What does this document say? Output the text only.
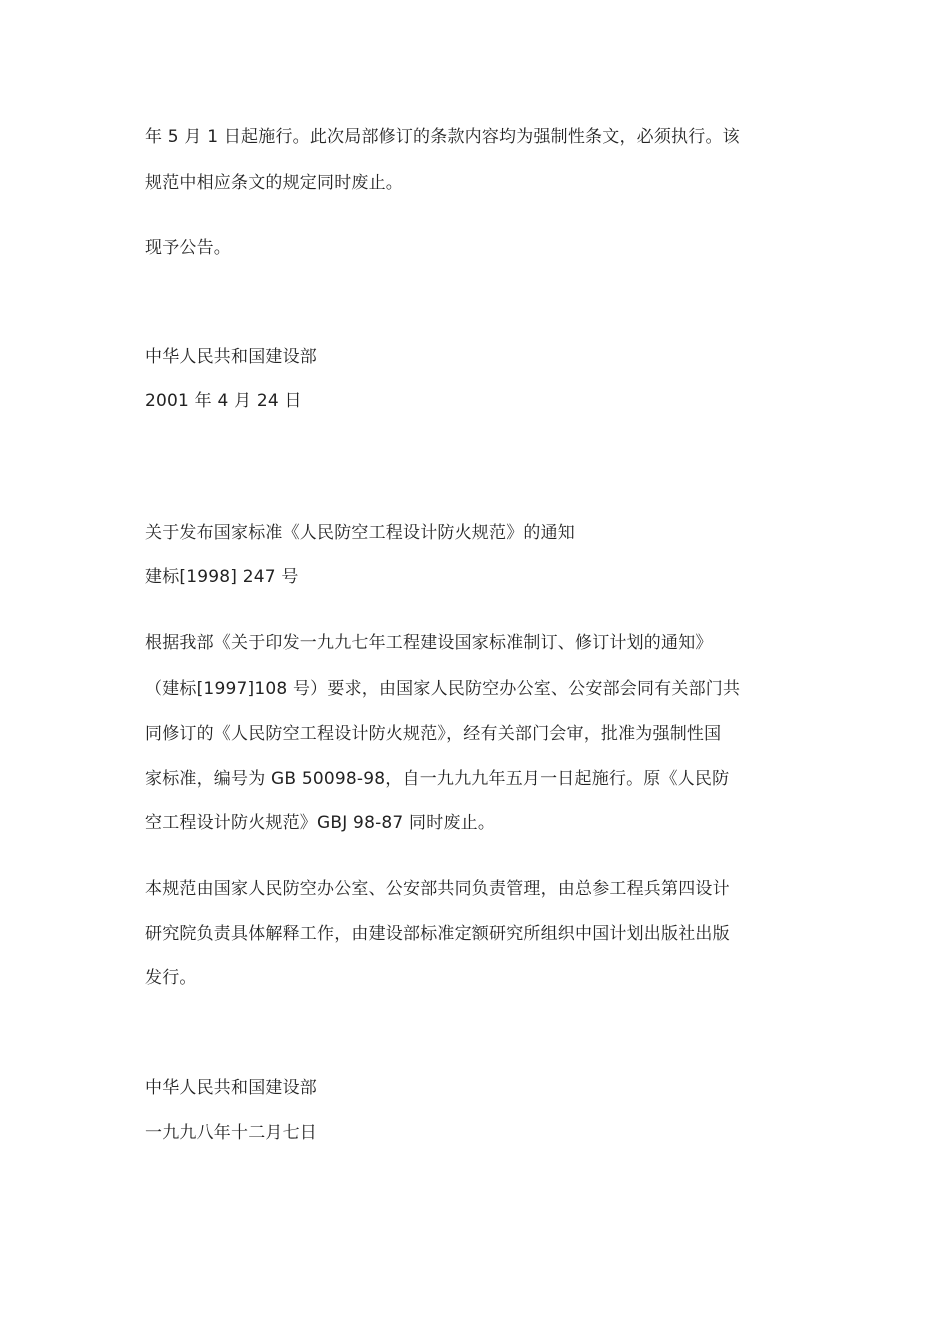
年 5 月 1 日起施行。此次局部修订的条款内容均为强制性条文，必须执行。该
规范中相应条文的规定同时废止。
现予公告。
中华人民共和国建设部
2001 年 4 月 24 日
关于发布国家标准《人民防空工程设计防火规范》的通知
建标[1998] 247 号
根据我部《关于印发一九九七年工程建设国家标准制订、修订计划的通知》
（建标[1997]108 号）要求，由国家人民防空办公室、公安部会同有关部门共
同修订的《人民防空工程设计防火规范》，经有关部门会审，批准为强制性国
家标准，编号为 GB 50098-98，自一九九九年五月一日起施行。原《人民防
空工程设计防火规范》GBJ 98-87 同时废止。
本规范由国家人民防空办公室、公安部共同负责管理，由总参工程兵第四设计
研究院负责具体解释工作，由建设部标准定额研究所组织中国计划出版社出版
发行。
中华人民共和国建设部
一九九八年十二月七日
